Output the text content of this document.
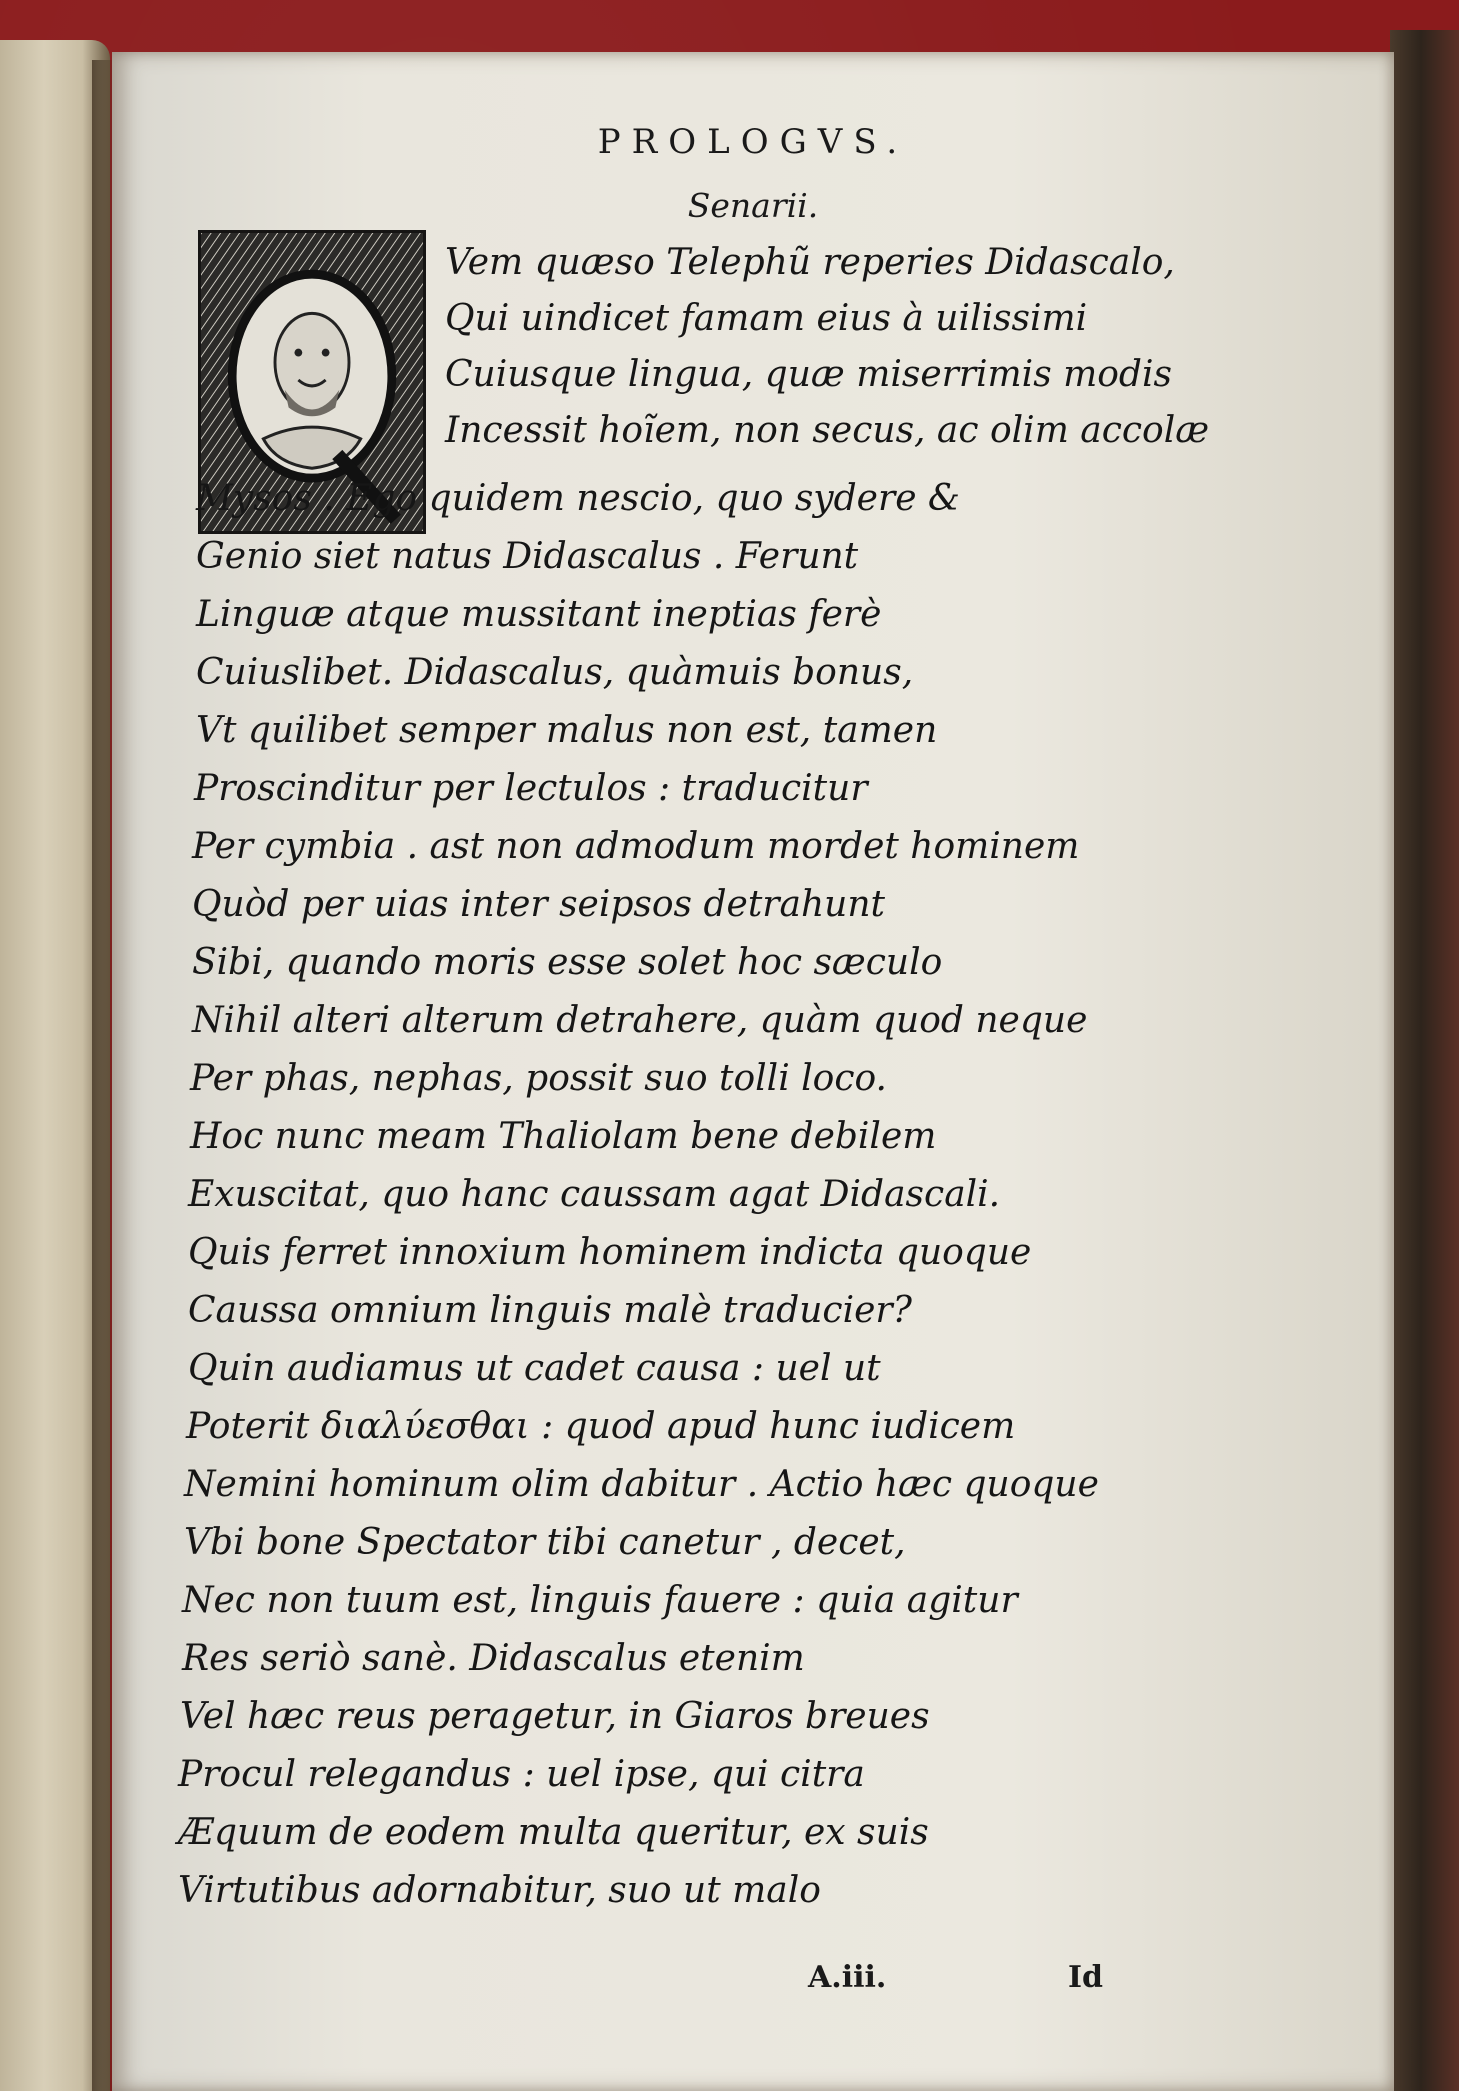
PROLOGVS.
Senarii.
Vem quæso Telephũ reperies Didascalo,
Qui uindicet famam eius à uilissimi
Cuiusque lingua, quæ miserrimis modis
Incessit hoĩem, non secus, ac olim accolæ
Mysos . Ego quidem nescio, quo sydere &
Genio siet natus Didascalus . Ferunt
Linguæ atque mussitant ineptias ferè
Cuiuslibet. Didascalus, quàmuis bonus,
Vt quilibet semper malus non est, tamen
Proscinditur per lectulos : traducitur
Per cymbia . ast non admodum mordet hominem
Quòd per uias inter seipsos detrahunt
Sibi, quando moris esse solet hoc sæculo
Nihil alteri alterum detrahere, quàm quod neque
Per phas, nephas, possit suo tolli loco.
Hoc nunc meam Thaliolam bene debilem
Exuscitat, quo hanc caussam agat Didascali.
Quis ferret innoxium hominem indicta quoque
Caussa omnium linguis malè traducier?
Quin audiamus ut cadet causa : uel ut
Poterit διαλύεσθαι : quod apud hunc iudicem
Nemini hominum olim dabitur . Actio hæc quoque
Vbi bone Spectator tibi canetur , decet,
Nec non tuum est, linguis fauere : quia agitur
Res seriò sanè. Didascalus etenim
Vel hæc reus peragetur, in Giaros breues
Procul relegandus : uel ipse, qui citra
Æquum de eodem multa queritur, ex suis
Virtutibus adornabitur, suo ut malo
A.iii.	Id
